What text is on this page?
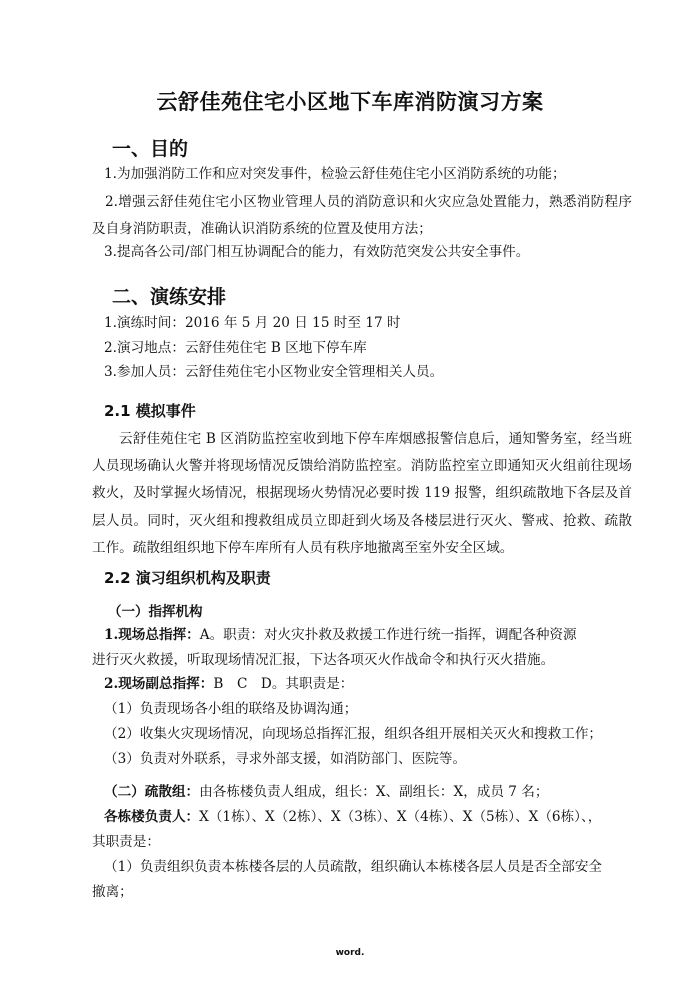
云舒佳苑住宅小区地下车库消防演习方案
一、目的
1.为加强消防工作和应对突发事件，检验云舒佳苑住宅小区消防系统的功能；
2.增强云舒佳苑住宅小区物业管理人员的消防意识和火灾应急处置能力，熟悉消防程序及自身消防职责，准确认识消防系统的位置及使用方法；
3.提高各公司/部门相互协调配合的能力，有效防范突发公共安全事件。
二、演练安排
1.演练时间：2016 年 5 月 20 日 15 时至 17 时
2.演习地点：云舒佳苑住宅 B 区地下停车库
3.参加人员：云舒佳苑住宅小区物业安全管理相关人员。
2.1 模拟事件
云舒佳苑住宅 B 区消防监控室收到地下停车库烟感报警信息后，通知警务室，经当班人员现场确认火警并将现场情况反馈给消防监控室。消防监控室立即通知灭火组前往现场救火，及时掌握火场情况，根据现场火势情况必要时拨 119 报警，组织疏散地下各层及首层人员。同时，灭火组和搜救组成员立即赶到火场及各楼层进行灭火、警戒、抢救、疏散工作。疏散组组织地下停车库所有人员有秩序地撤离至室外安全区域。
2.2 演习组织机构及职责
（一）指挥机构
1.现场总指挥：A。职责：对火灾扑救及救援工作进行统一指挥，调配各种资源
进行灭火救援，听取现场情况汇报，下达各项灭火作战命令和执行灭火措施。
2.现场副总指挥：B　C　D。其职责是：
（1）负责现场各小组的联络及协调沟通；
（2）收集火灾现场情况，向现场总指挥汇报，组织各组开展相关灭火和搜救工作；
（3）负责对外联系，寻求外部支援，如消防部门、医院等。
（二）疏散组：由各栋楼负责人组成，组长：X、副组长：X，成员 7 名；
各栋楼负责人：X（1栋）、X（2栋）、X（3栋）、X（4栋）、X（5栋）、X（6栋）、，
其职责是：
（1）负责组织负责本栋楼各层的人员疏散，组织确认本栋楼各层人员是否全部安全
撤离；
word.
